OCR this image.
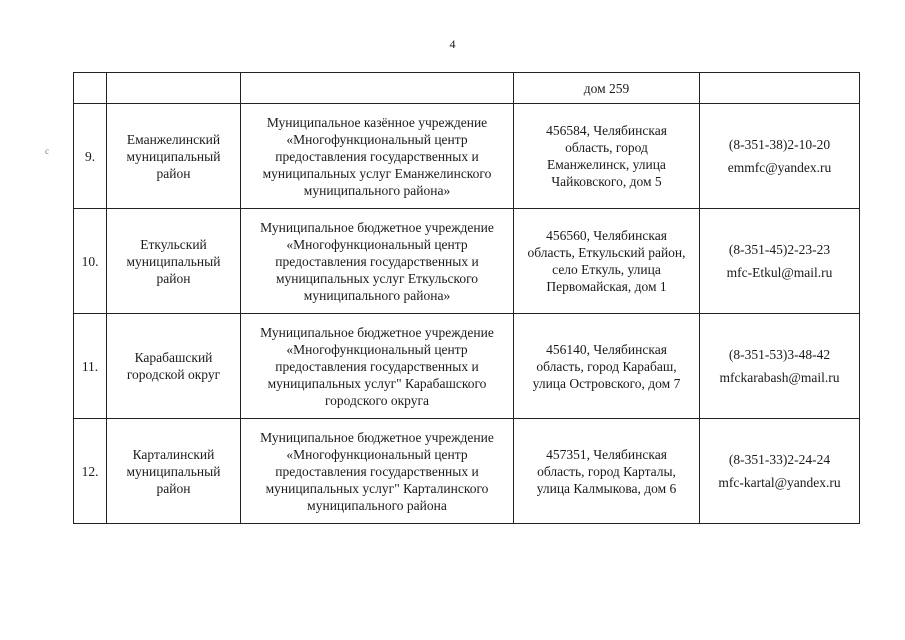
4
c
			дом 259	
9.	Еманжелинский
муниципальный
район	Муниципальное казённое учреждение
«Многофункциональный центр
предоставления государственных и
муниципальных услуг Еманжелинского
муниципального района»	456584, Челябинская
область, город
Еманжелинск, улица
Чайковского, дом 5	(8-351-38)2-10-20
emmfc@yandex.ru

10.	Еткульский
муниципальный
район	Муниципальное бюджетное учреждение
«Многофункциональный центр
предоставления государственных и
муниципальных услуг Еткульского
муниципального района»	456560, Челябинская
область, Еткульский район,
село Еткуль, улица
Первомайская, дом 1	(8-351-45)2-23-23
mfc-Etkul@mail.ru

11.	Карабашский
городской округ	Муниципальное бюджетное учреждение
«Многофункциональный центр
предоставления государственных и
муниципальных услуг" Карабашского
городского округа	456140, Челябинская
область, город Карабаш,
улица Островского, дом 7	(8-351-53)3-48-42
mfckarabash@mail.ru

12.	Карталинский
муниципальный
район	Муниципальное бюджетное учреждение
«Многофункциональный центр
предоставления государственных и
муниципальных услуг" Карталинского
муниципального района	457351, Челябинская
область, город Карталы,
улица Калмыкова, дом 6	(8-351-33)2-24-24
mfc-kartal@yandex.ru
